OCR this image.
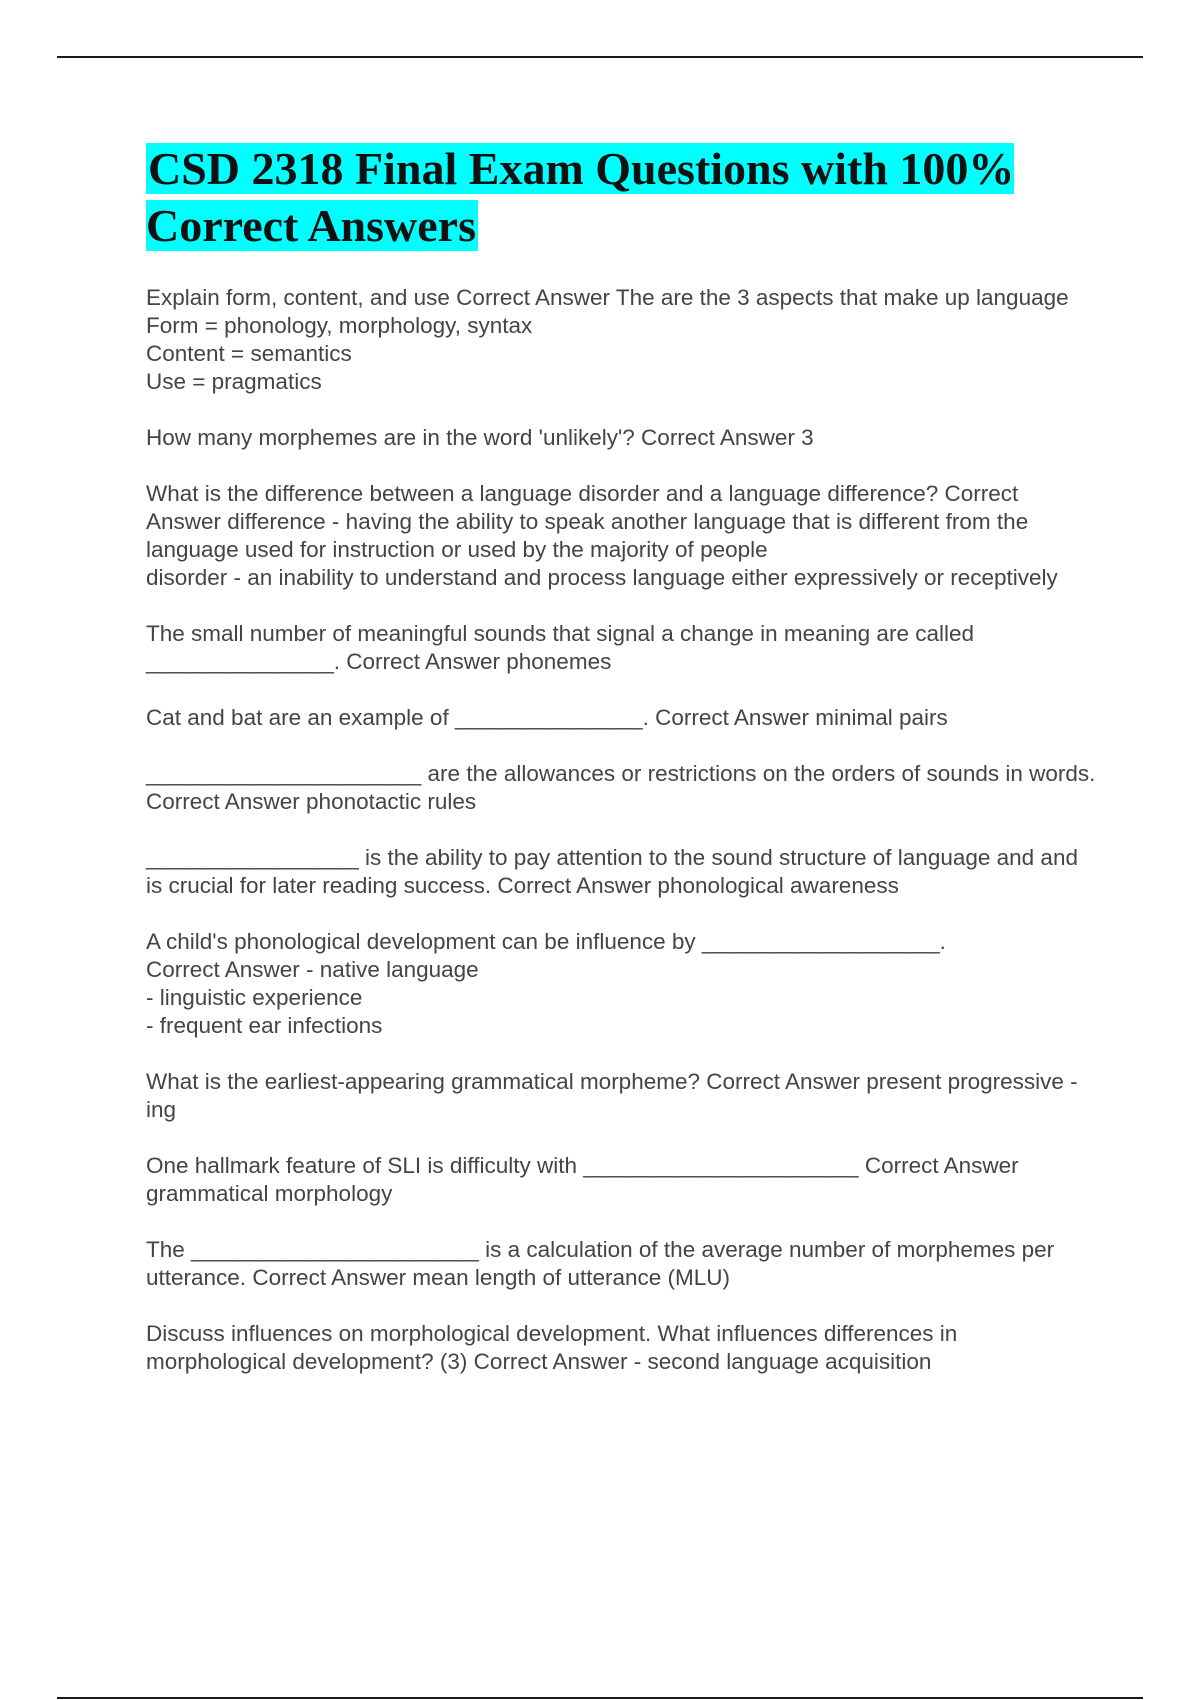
CSD 2318 Final Exam Questions with 100% Correct Answers
Explain form, content, and use Correct Answer The are the 3 aspects that make up language
Form = phonology, morphology, syntax
Content = semantics
Use = pragmatics
How many morphemes are in the word 'unlikely'? Correct Answer 3
What is the difference between a language disorder and a language difference? Correct Answer difference - having the ability to speak another language that is different from the language used for instruction or used by the majority of people
disorder - an inability to understand and process language either expressively or receptively
The small number of meaningful sounds that signal a change in meaning are called _______________. Correct Answer phonemes
Cat and bat are an example of _______________. Correct Answer minimal pairs
______________________ are the allowances or restrictions on the orders of sounds in words. Correct Answer phonotactic rules
_________________ is the ability to pay attention to the sound structure of language and and is crucial for later reading success. Correct Answer phonological awareness
A child's phonological development can be influence by ___________________.
Correct Answer - native language
- linguistic experience
- frequent ear infections
What is the earliest-appearing grammatical morpheme? Correct Answer present progressive -ing
One hallmark feature of SLI is difficulty with ______________________ Correct Answer grammatical morphology
The _______________________ is a calculation of the average number of morphemes per utterance. Correct Answer mean length of utterance (MLU)
Discuss influences on morphological development. What influences differences in morphological development? (3) Correct Answer - second language acquisition
